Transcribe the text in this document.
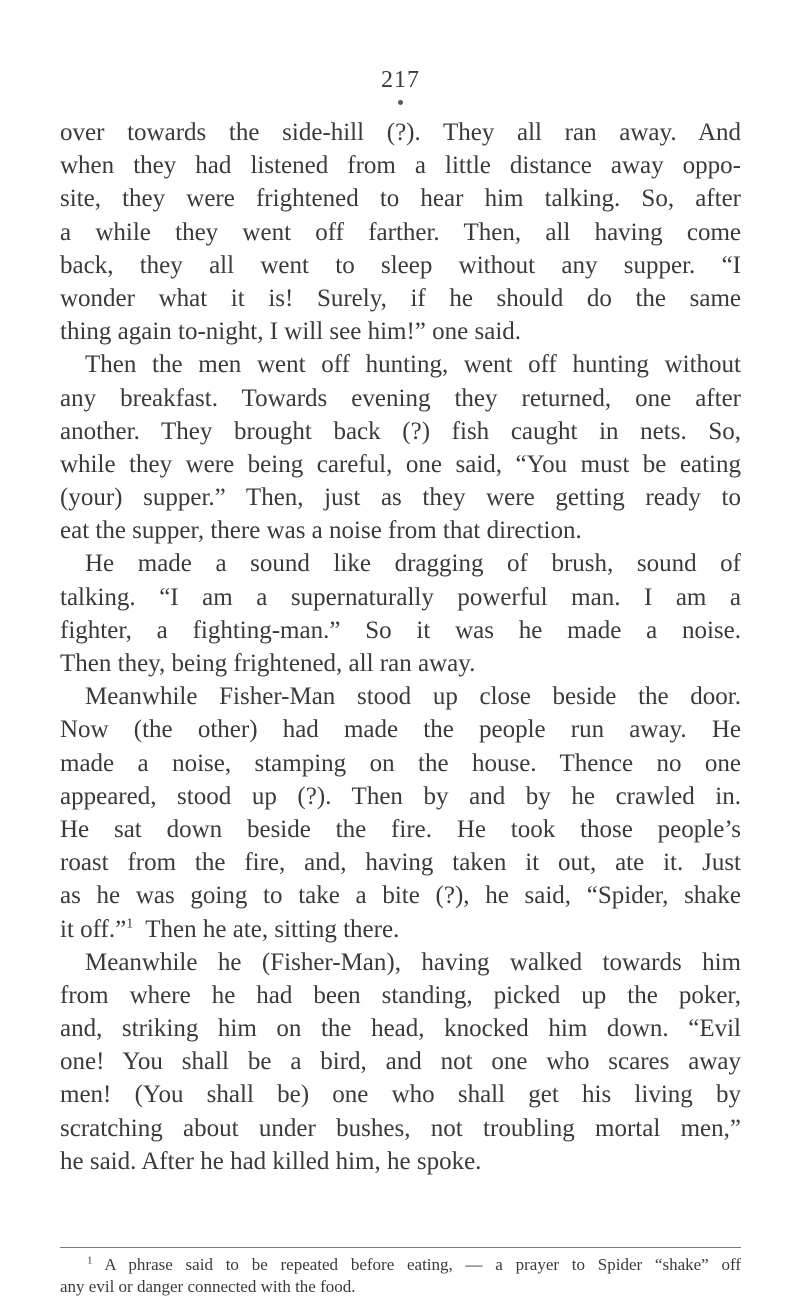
217
over towards the side-hill (?). They all ran away. And
when they had listened from a little distance away oppo-
site, they were frightened to hear him talking. So, after
a while they went off farther. Then, all having come
back, they all went to sleep without any supper. “I
wonder what it is! Surely, if he should do the same
thing again to-night, I will see him!” one said.
Then the men went off hunting, went off hunting without
any breakfast. Towards evening they returned, one after
another. They brought back (?) fish caught in nets. So,
while they were being careful, one said, “You must be eating
(your) supper.” Then, just as they were getting ready to
eat the supper, there was a noise from that direction.
He made a sound like dragging of brush, sound of
talking. “I am a supernaturally powerful man. I am a
fighter, a fighting-man.” So it was he made a noise.
Then they, being frightened, all ran away.
Meanwhile Fisher-Man stood up close beside the door.
Now (the other) had made the people run away. He
made a noise, stamping on the house. Thence no one
appeared, stood up (?). Then by and by he crawled in.
He sat down beside the fire. He took those people’s
roast from the fire, and, having taken it out, ate it. Just
as he was going to take a bite (?), he said, “Spider, shake
it off.”$^1$ Then he ate, sitting there.
Meanwhile he (Fisher-Man), having walked towards him
from where he had been standing, picked up the poker,
and, striking him on the head, knocked him down. “Evil
one! You shall be a bird, and not one who scares away
men! (You shall be) one who shall get his living by
scratching about under bushes, not troubling mortal men,”
he said. After he had killed him, he spoke.
$^1$ A phrase said to be repeated before eating, — a prayer to Spider “shake” off
any evil or danger connected with the food.
